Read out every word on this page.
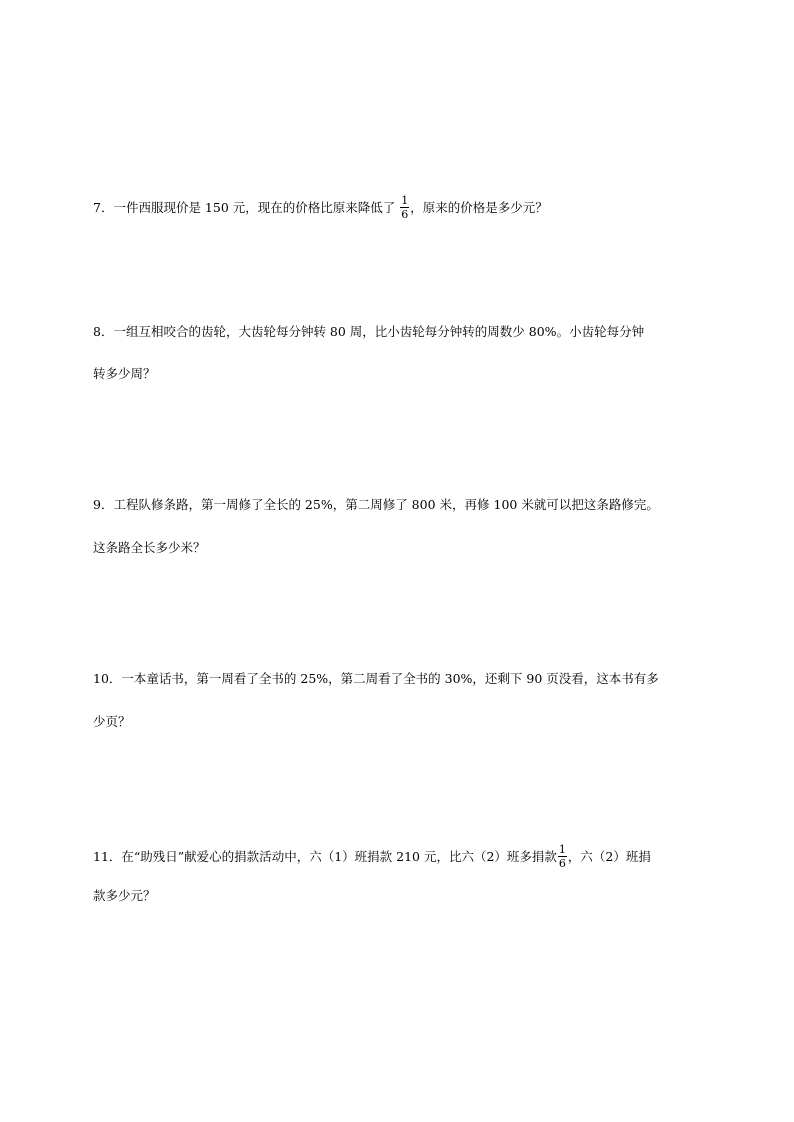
7．一件西服现价是 150 元，现在的价格比原来降低了 $\frac{1}{6}$ ，原来的价格是多少元？
8．一组互相咬合的齿轮，大齿轮每分钟转 80 周，比小齿轮每分钟转的周数少 80%。小齿轮每分钟
转多少周？
9．工程队修条路，第一周修了全长的 25%，第二周修了 800 米，再修 100 米就可以把这条路修完。
这条路全长多少米？
10．一本童话书，第一周看了全书的 25%，第二周看了全书的 30%，还剩下 90 页没看，这本书有多
少页？
11．在“助残日”献爱心的捐款活动中，六（1）班捐款 210 元，比六（2）班多捐款 $\frac{1}{6}$ ，六（2）班捐
款多少元？
